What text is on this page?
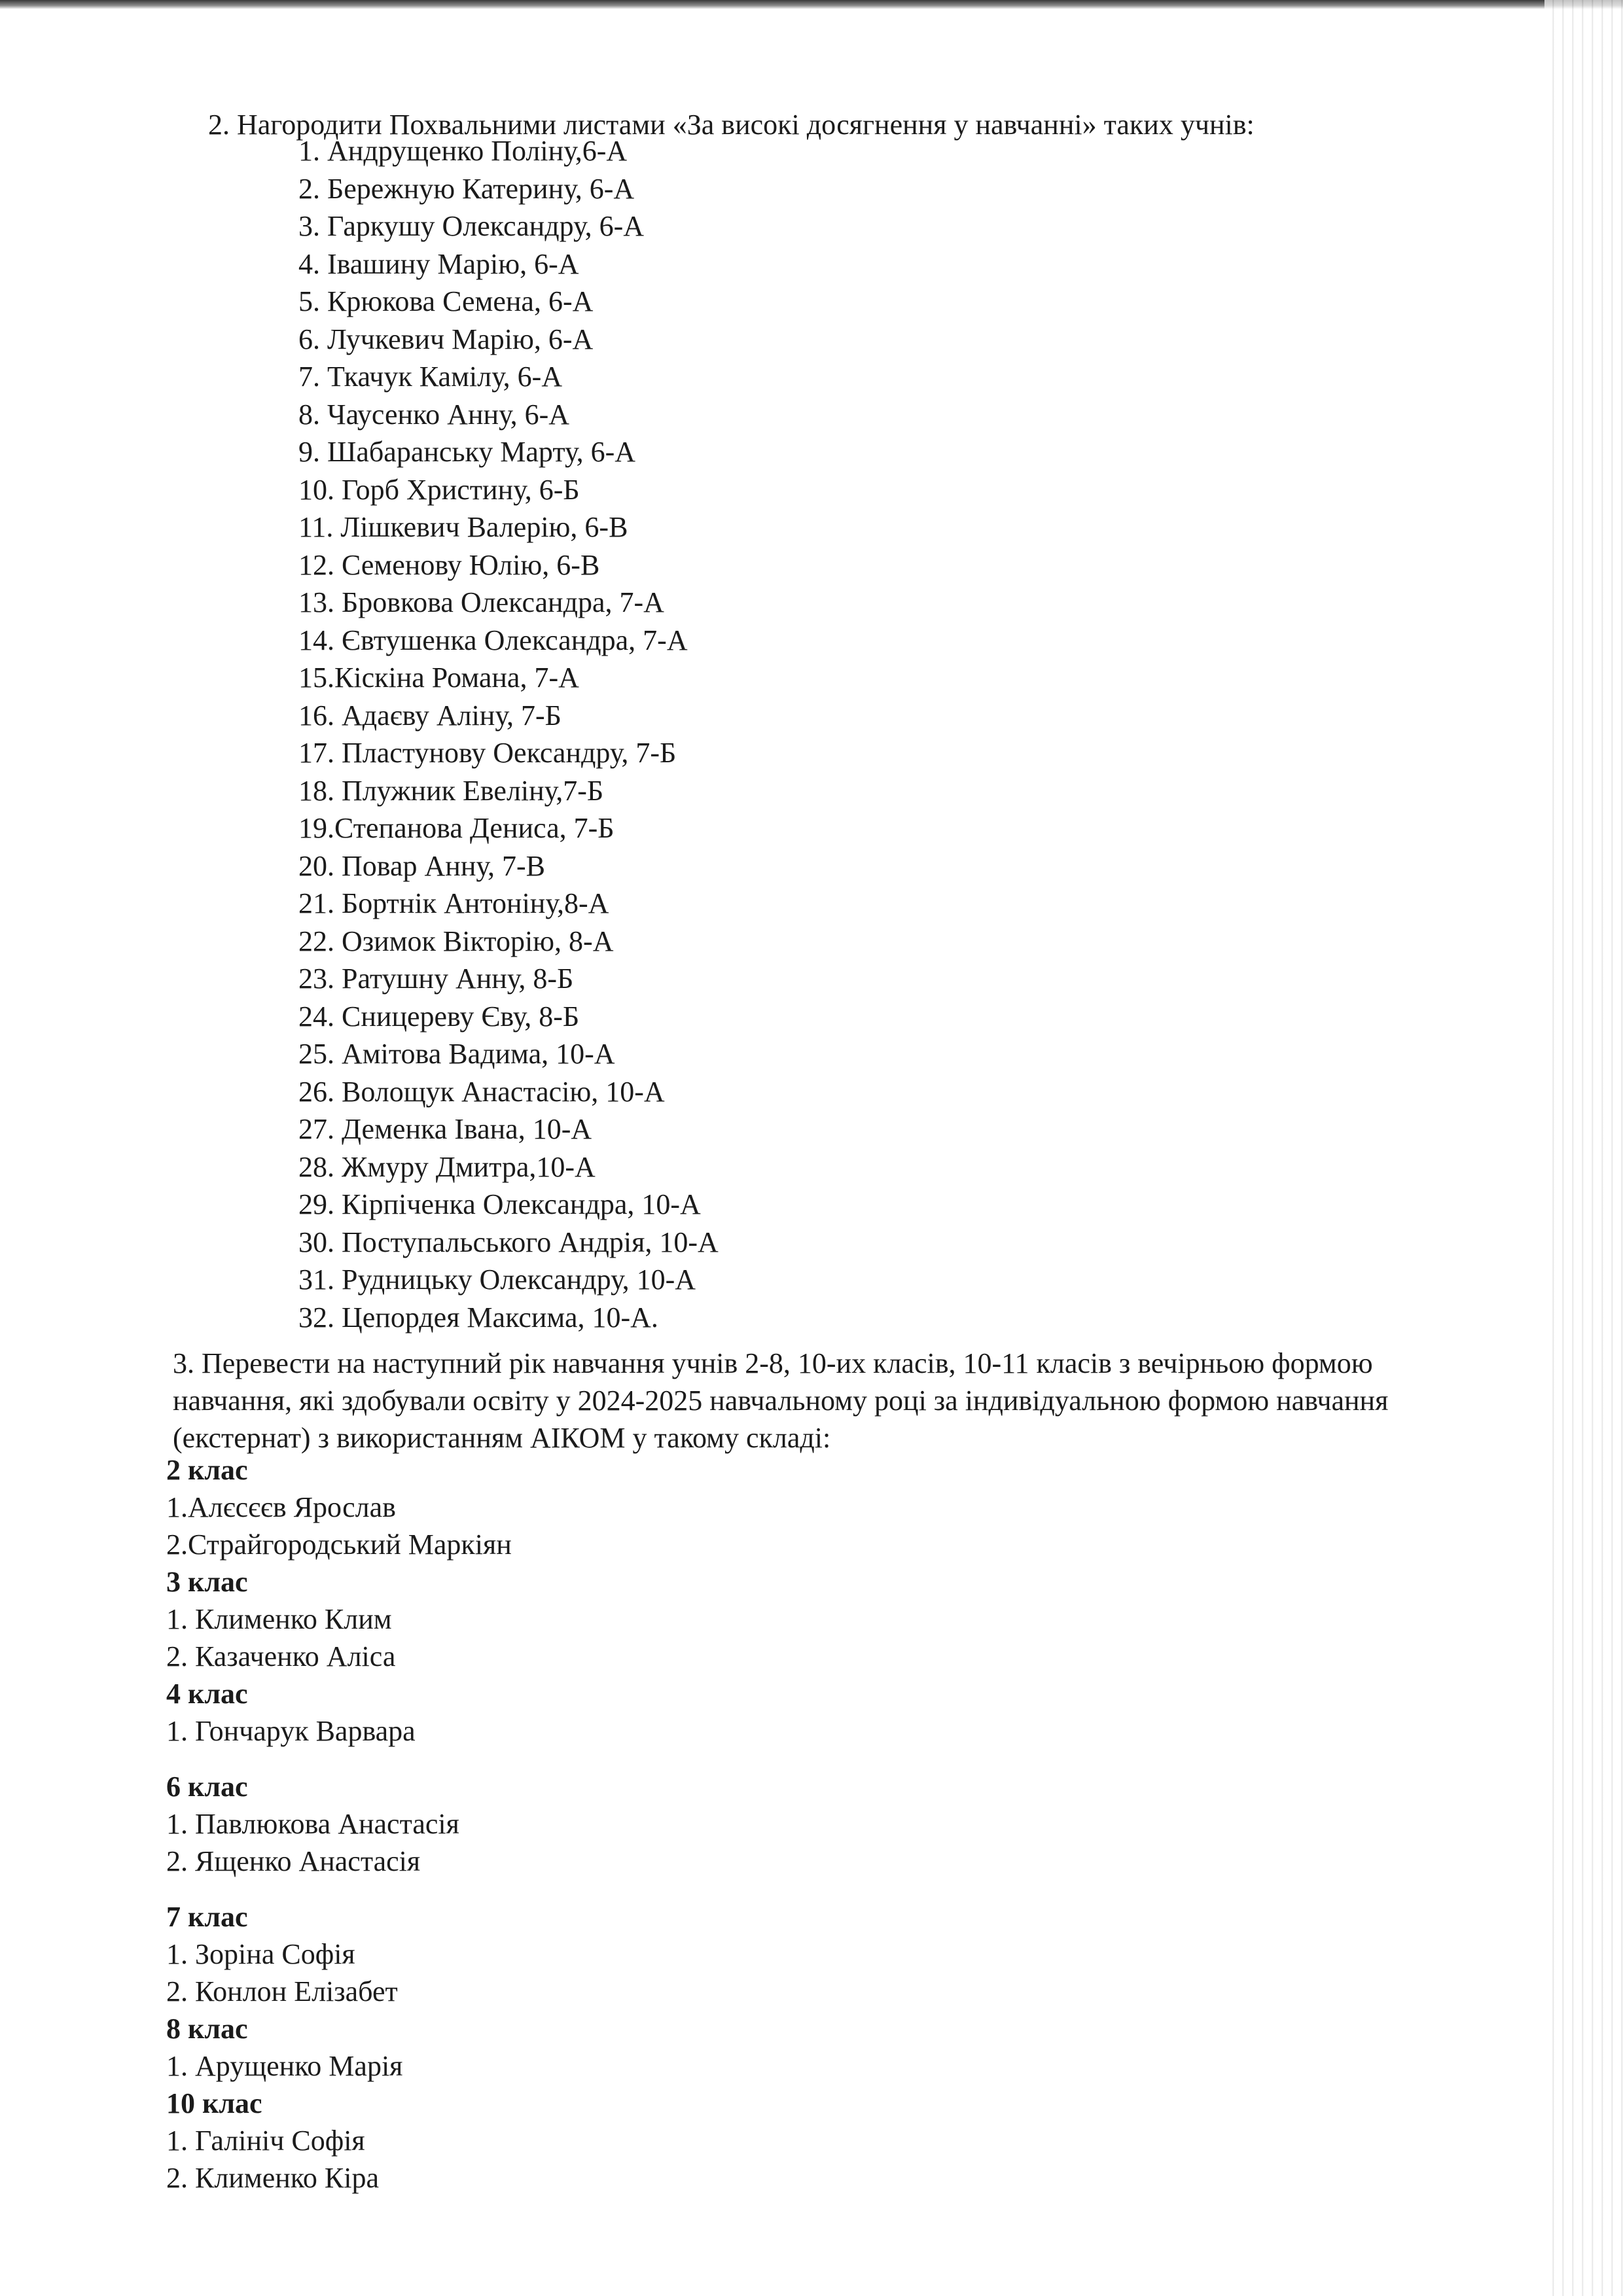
2. Нагородити Похвальними листами «За високі досягнення у навчанні» таких учнів:

1. Андрущенко Поліну,6-А
2. Бережную Катерину, 6-А
3. Гаркушу Олександру, 6-А
4. Івашину Марію, 6-А
5. Крюкова Семена, 6-А
6. Лучкевич Марію, 6-А
7. Ткачук Камілу, 6-А
8. Чаусенко Анну, 6-А
9. Шабаранську Марту, 6-А
10. Горб Христину, 6-Б
11. Лішкевич Валерію, 6-В
12. Семенову Юлію, 6-В
13. Бровкова Олександра, 7-А
14. Євтушенка Олександра, 7-А
15.Кіскіна Романа, 7-А
16. Адаєву Аліну, 7-Б
17. Пластунову Оександру, 7-Б
18. Плужник Евеліну,7-Б
19.Степанова Дениса, 7-Б
20. Повар Анну, 7-В
21. Бортнік Антоніну,8-А
22. Озимок Вікторію, 8-А
23. Ратушну Анну, 8-Б
24. Сницереву Єву, 8-Б
25. Амітова Вадима, 10-А
26. Волощук Анастасію, 10-А
27. Деменка Івана, 10-А
28. Жмуру Дмитра,10-А
29. Кірпіченка Олександра, 10-А
30. Поступальського Андрія, 10-А
31. Рудницьку Олександру, 10-А
32. Цепордея Максима, 10-А.

3. Перевести на наступний рік навчання учнів 2-8, 10-их класів, 10-11 класів з вечірньою формою навчання, які здобували освіту у 2024-2025 навчальному році за індивідуальною формою навчання (екстернат) з використанням АІКОМ у такому складі:

2 клас

1.Алєсєєв Ярослав
2.Страйгородський Маркіян

3 клас

1. Клименко Клим
2. Казаченко Аліса

4 клас

1. Гончарук Варвара

6 клас

1. Павлюкова Анастасія
2. Ященко Анастасія

7 клас

1. Зоріна Софія
2. Конлон Елізабет

8 клас

1. Арущенко Марія

10 клас

1. Галініч Софія
2. Клименко Кіра
